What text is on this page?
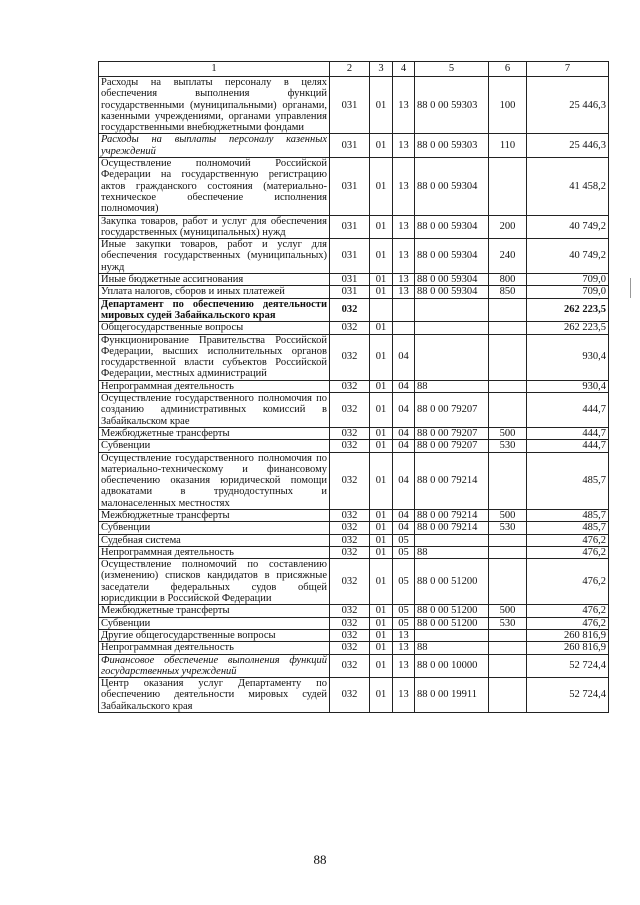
1	2	3	4	5	6	7
Расходы на выплаты персоналу в целях обеспечения выполнения функций государственными (муниципальными) органами, казенными учреждениями, органами управления государственными внебюджетными фондами	031	01	13	88 0 00 59303	100	25 446,3
Расходы на выплаты персоналу казенных учреждений	031	01	13	88 0 00 59303	110	25 446,3
Осуществление полномочий Российской Федерации на государственную регистрацию актов гражданского состояния (материально-техническое обеспечение исполнения полномочия)	031	01	13	88 0 00 59304		41 458,2
Закупка товаров, работ и услуг для обеспечения государственных (муниципальных) нужд	031	01	13	88 0 00 59304	200	40 749,2
Иные закупки товаров, работ и услуг для обеспечения государственных (муниципальных) нужд	031	01	13	88 0 00 59304	240	40 749,2
Иные бюджетные ассигнования	031	01	13	88 0 00 59304	800	709,0
Уплата налогов, сборов и иных платежей	031	01	13	88 0 00 59304	850	709,0
Департамент по обеспечению деятельности мировых судей Забайкальского края	032					262 223,5
Общегосударственные вопросы	032	01				262 223,5
Функционирование Правительства Российской Федерации, высших исполнительных органов государственной власти субъектов Российской Федерации, местных администраций	032	01	04			930,4
Непрограммная деятельность	032	01	04	88		930,4
Осуществление государственного полномочия по созданию административных комиссий в Забайкальском крае	032	01	04	88 0 00 79207		444,7
Межбюджетные трансферты	032	01	04	88 0 00 79207	500	444,7
Субвенции	032	01	04	88 0 00 79207	530	444,7
Осуществление государственного полномочия по материально-техническому и финансовому обеспечению оказания юридической помощи адвокатами в труднодоступных и малонаселенных местностях	032	01	04	88 0 00 79214		485,7
Межбюджетные трансферты	032	01	04	88 0 00 79214	500	485,7
Субвенции	032	01	04	88 0 00 79214	530	485,7
Судебная система	032	01	05			476,2
Непрограммная деятельность	032	01	05	88		476,2
Осуществление полномочий по составлению (изменению) списков кандидатов в присяжные заседатели федеральных судов общей юрисдикции в Российской Федерации	032	01	05	88 0 00 51200		476,2
Межбюджетные трансферты	032	01	05	88 0 00 51200	500	476,2
Субвенции	032	01	05	88 0 00 51200	530	476,2
Другие общегосударственные вопросы	032	01	13			260 816,9
Непрограммная деятельность	032	01	13	88		260 816,9
Финансовое обеспечение выполнения функций государственных учреждений	032	01	13	88 0 00 10000		52 724,4
Центр оказания услуг Департаменту по обеспечению деятельности мировых судей Забайкальского края	032	01	13	88 0 00 19911		52 724,4
88
